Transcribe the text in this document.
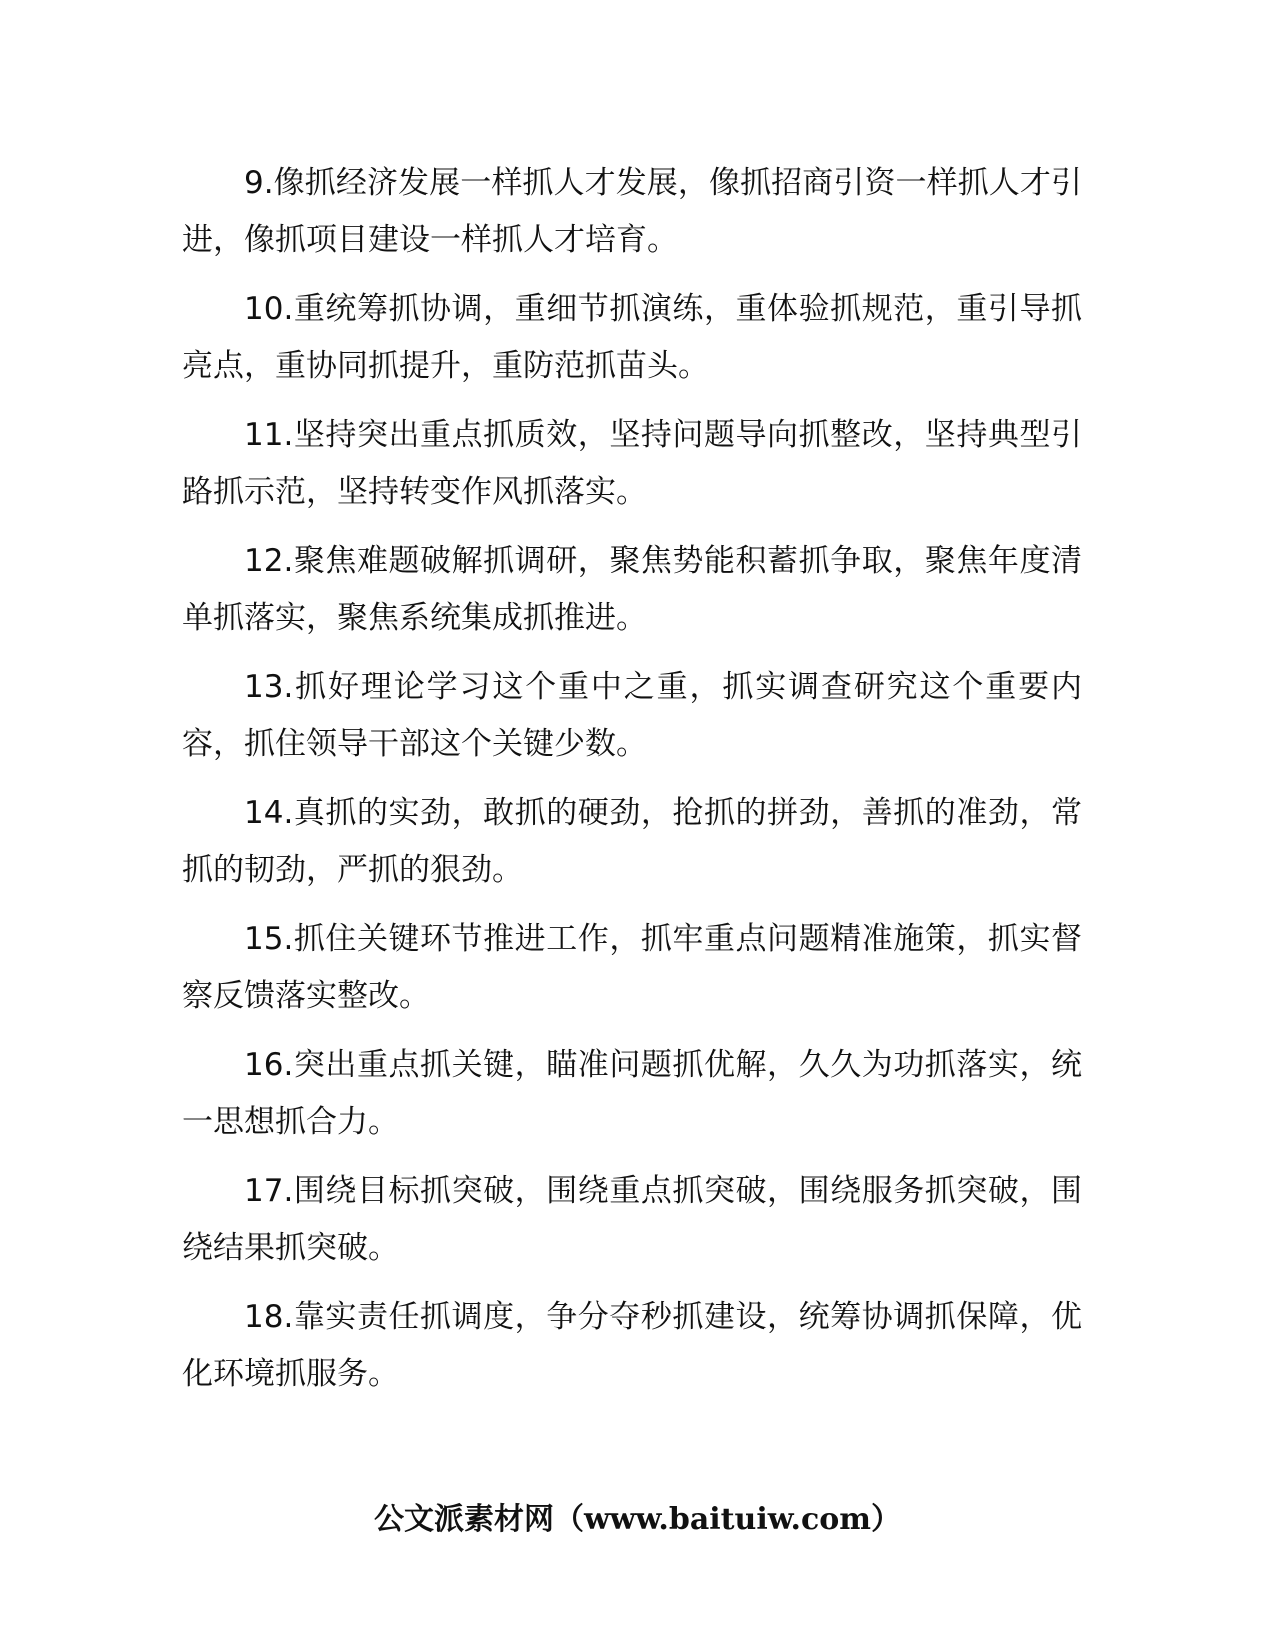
9.像抓经济发展一样抓人才发展，像抓招商引资一样抓人才引进，像抓项目建设一样抓人才培育。

10.重统筹抓协调，重细节抓演练，重体验抓规范，重引导抓亮点，重协同抓提升，重防范抓苗头。

11.坚持突出重点抓质效，坚持问题导向抓整改，坚持典型引路抓示范，坚持转变作风抓落实。

12.聚焦难题破解抓调研，聚焦势能积蓄抓争取，聚焦年度清单抓落实，聚焦系统集成抓推进。

13.抓好理论学习这个重中之重，抓实调查研究这个重要内容，抓住领导干部这个关键少数。

14.真抓的实劲，敢抓的硬劲，抢抓的拼劲，善抓的准劲，常抓的韧劲，严抓的狠劲。

15.抓住关键环节推进工作，抓牢重点问题精准施策，抓实督察反馈落实整改。

16.突出重点抓关键，瞄准问题抓优解，久久为功抓落实，统一思想抓合力。

17.围绕目标抓突破，围绕重点抓突破，围绕服务抓突破，围绕结果抓突破。

18.靠实责任抓调度，争分夺秒抓建设，统筹协调抓保障，优化环境抓服务。

公文派素材网（www.baituiw.com）
